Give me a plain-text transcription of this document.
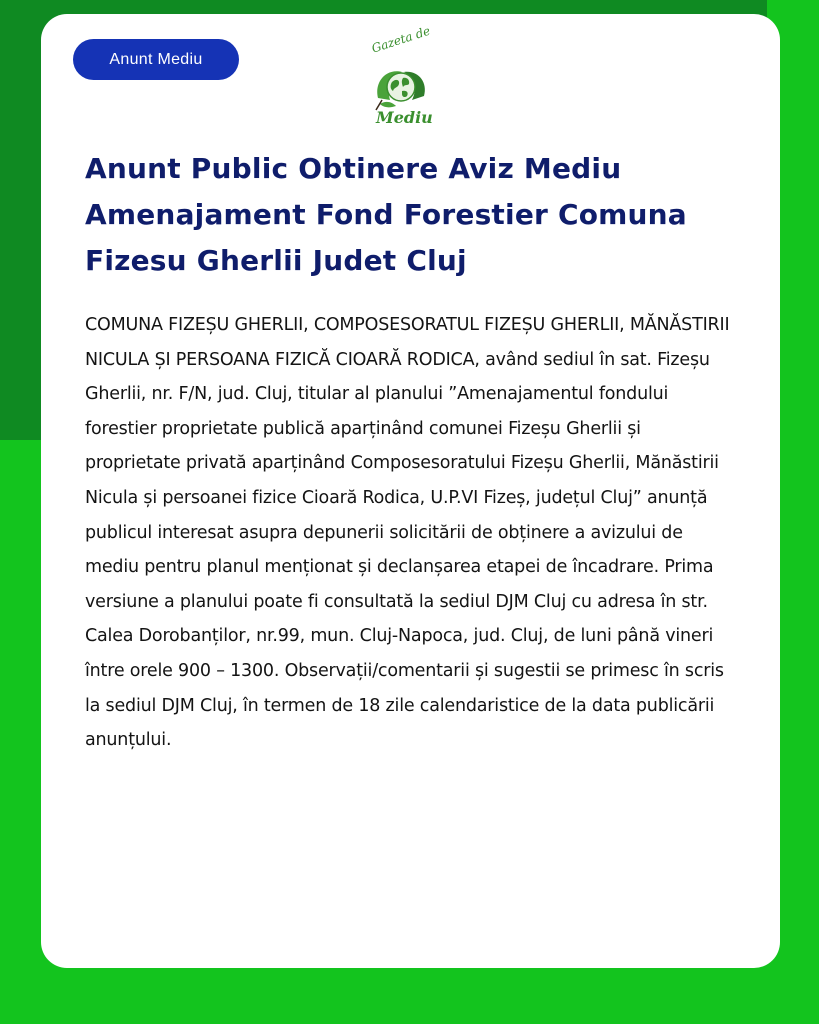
Anunt Mediu
Gazeta de
Mediu
Anunt Public Obtinere Aviz Mediu Amenajament Fond Forestier Comuna Fizesu Gherlii Judet Cluj

COMUNA FIZEȘU GHERLII, COMPOSESORATUL FIZEȘU GHERLII, MĂNĂSTIRII NICULA ȘI PERSOANA FIZICĂ CIOARĂ RODICA, având sediul în sat. Fizeșu Gherlii, nr. F/N, jud. Cluj, titular al planului ”Amenajamentul fondului forestier proprietate publică aparținând comunei Fizeșu Gherlii și proprietate privată aparținând Composesoratului Fizeșu Gherlii, Mănăstirii Nicula și persoanei fizice Cioară Rodica, U.P.VI Fizeș, județul Cluj” anunță publicul interesat asupra depunerii solicitării de obținere a avizului de mediu pentru planul menționat și declanșarea etapei de încadrare. Prima versiune a planului poate fi consultată la sediul DJM Cluj cu adresa în str. Calea Dorobanților, nr.99, mun. Cluj-Napoca, jud. Cluj, de luni până vineri între orele 900 – 1300. Observații/comentarii și sugestii se primesc în scris la sediul DJM Cluj, în termen de 18 zile calendaristice de la data publicării anunțului.
